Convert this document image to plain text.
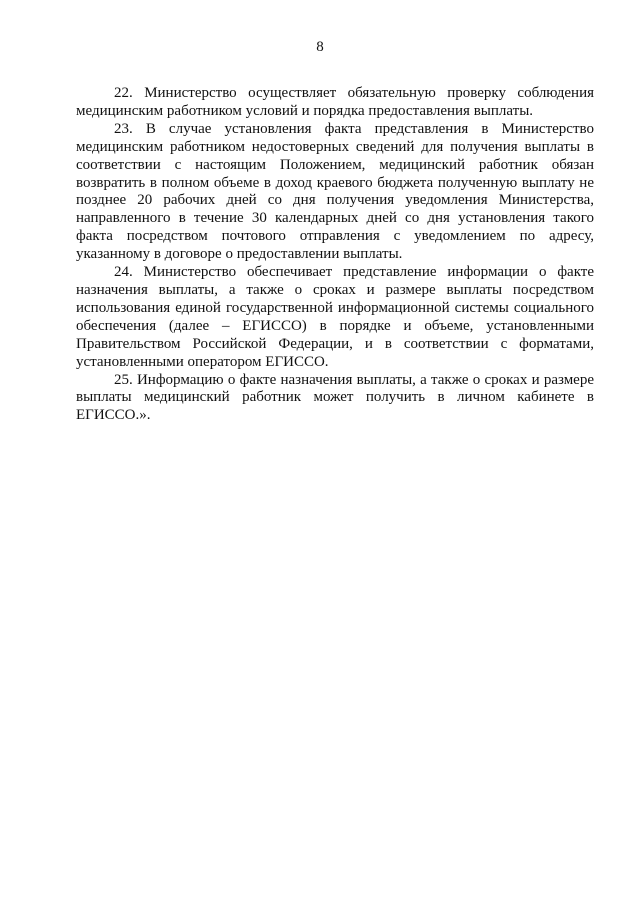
8

22. Министерство осуществляет обязательную проверку соблюдения медицинским работником условий и порядка предоставления выплаты.

23. В случае установления факта представления в Министерство медицинским работником недостоверных сведений для получения выплаты в соответствии с настоящим Положением, медицинский работник обязан возвратить в полном объеме в доход краевого бюджета полученную выплату не позднее 20 рабочих дней со дня получения уведомления Министерства, направленного в течение 30 календарных дней со дня установления такого факта посредством почтового отправления с уведомлением по адресу, указанному в договоре о предоставлении выплаты.

24. Министерство обеспечивает представление информации о факте назначения выплаты, а также о сроках и размере выплаты посредством использования единой государственной информационной системы социального обеспечения (далее – ЕГИССО) в порядке и объеме, установленными Правительством Российской Федерации, и в соответствии с форматами, установленными оператором ЕГИССО.

25. Информацию о факте назначения выплаты, а также о сроках и размере выплаты медицинский работник может получить в личном кабинете в ЕГИССО.».
